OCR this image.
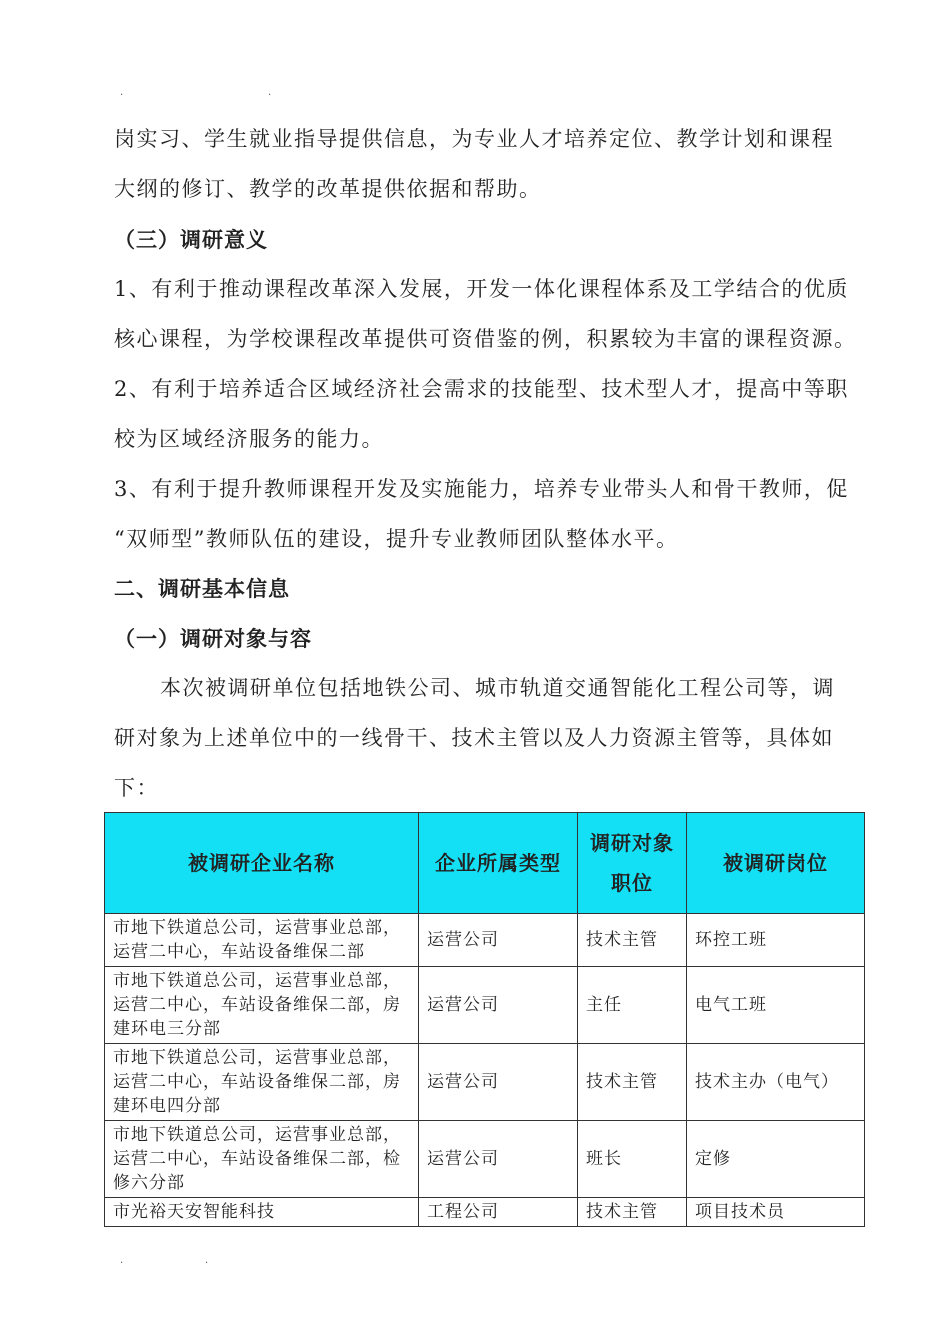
.	.
岗实习、学生就业指导提供信息，为专业人才培养定位、教学计划和课程
大纲的修订、教学的改革提供依据和帮助。
（三）调研意义
1、有利于推动课程改革深入发展，开发一体化课程体系及工学结合的优质
核心课程，为学校课程改革提供可资借鉴的例，积累较为丰富的课程资源。
2、有利于培养适合区域经济社会需求的技能型、技术型人才，提高中等职
校为区域经济服务的能力。
3、有利于提升教师课程开发及实施能力，培养专业带头人和骨干教师，促
“双师型”教师队伍的建设，提升专业教师团队整体水平。
二、调研基本信息
（一）调研对象与容
本次被调研单位包括地铁公司、城市轨道交通智能化工程公司等，调
研对象为上述单位中的一线骨干、技术主管以及人力资源主管等，具体如
下：
被调研企业名称	企业所属类型	调研对象职位	被调研岗位
市地下铁道总公司，运营事业总部，运营二中心，车站设备维保二部	运营公司	技术主管	环控工班
市地下铁道总公司，运营事业总部，运营二中心，车站设备维保二部，房建环电三分部	运营公司	主任	电气工班
市地下铁道总公司，运营事业总部，运营二中心，车站设备维保二部，房建环电四分部	运营公司	技术主管	技术主办（电气）
市地下铁道总公司，运营事业总部，运营二中心，车站设备维保二部，检修六分部	运营公司	班长	定修
市光裕天安智能科技	工程公司	技术主管	项目技术员
.	.
